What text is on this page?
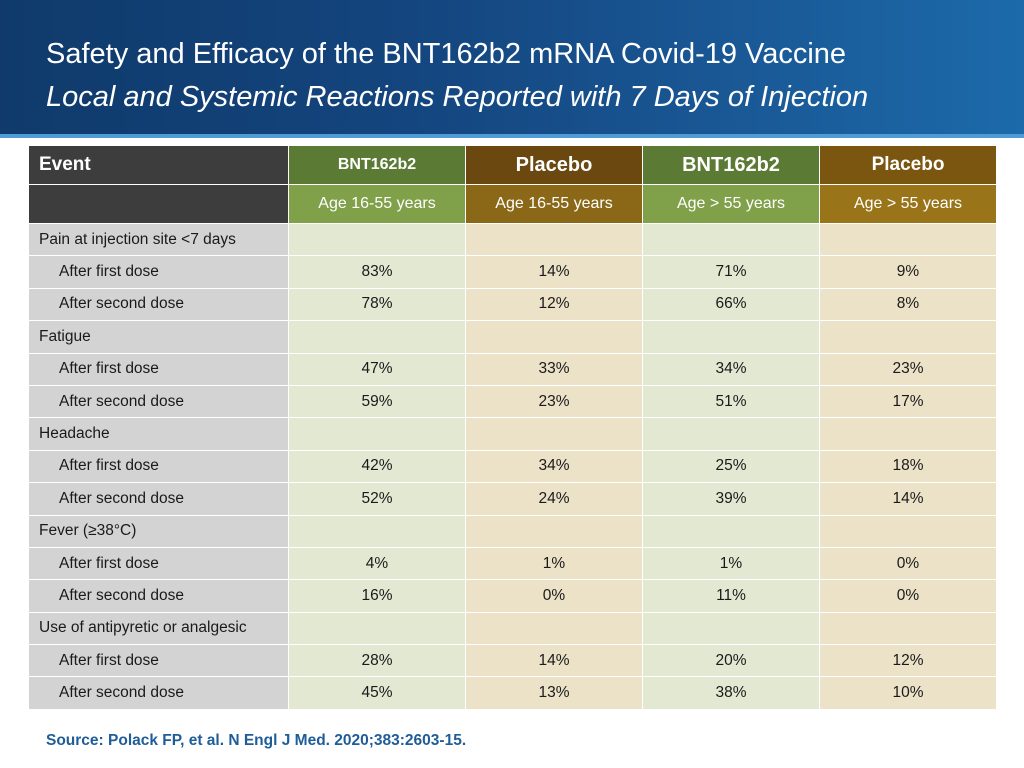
Safety and Efficacy of the BNT162b2 mRNA Covid-19 Vaccine
Local and Systemic Reactions Reported with 7 Days of Injection
Event	BNT162b2	Placebo	BNT162b2	Placebo
	Age 16-55 years	Age 16-55 years	Age > 55 years	Age > 55 years
Pain at injection site <7 days				
After first dose	83%	14%	71%	9%
After second dose	78%	12%	66%	8%
Fatigue				
After first dose	47%	33%	34%	23%
After second dose	59%	23%	51%	17%
Headache				
After first dose	42%	34%	25%	18%
After second dose	52%	24%	39%	14%
Fever (≥38°C)				
After first dose	4%	1%	1%	0%
After second dose	16%	0%	11%	0%
Use of antipyretic or analgesic				
After first dose	28%	14%	20%	12%
After second dose	45%	13%	38%	10%
Source: Polack FP, et al. N Engl J Med. 2020;383:2603-15.
